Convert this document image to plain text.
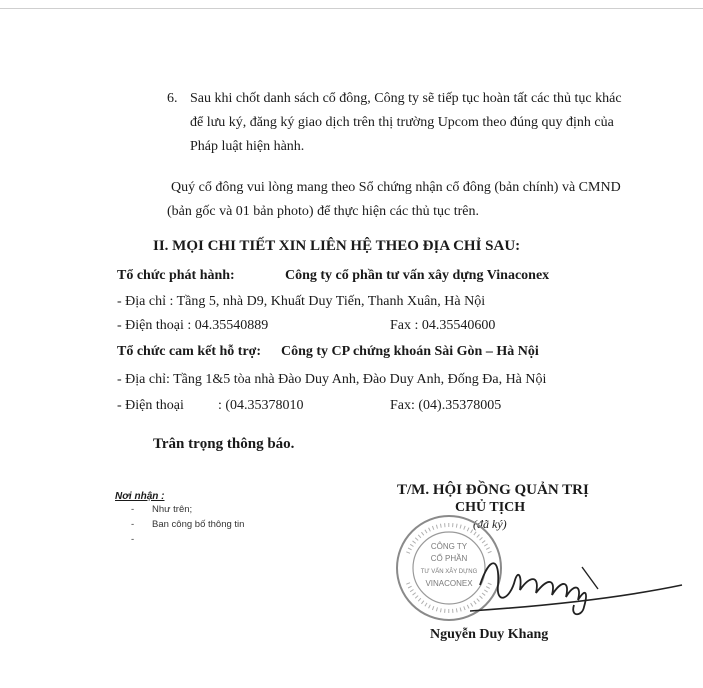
6. Sau khi chốt danh sách cổ đông, Công ty sẽ tiếp tục hoàn tất các thủ tục khác
để lưu ký, đăng ký giao dịch trên thị trường Upcom theo đúng quy định của
Pháp luật hiện hành.
Quý cổ đông vui lòng mang theo Sổ chứng nhận cổ đông (bản chính) và CMND
(bản gốc và 01 bản photo) để thực hiện các thủ tục trên.
II. MỌI CHI TIẾT XIN LIÊN HỆ THEO ĐỊA CHỈ SAU:
Tổ chức phát hành:	Công ty cổ phần tư vấn xây dựng Vinaconex
- Địa chỉ : Tầng 5, nhà D9, Khuất Duy Tiến, Thanh Xuân, Hà Nội
- Điện thoại : 04.35540889	Fax : 04.35540600
Tổ chức cam kết hỗ trợ: Công ty CP chứng khoán Sài Gòn – Hà Nội
- Địa chỉ: Tầng 1&5 tòa nhà Đào Duy Anh, Đào Duy Anh, Đống Đa, Hà Nội
- Điện thoại : (04.35378010	Fax: (04).35378005
Trân trọng thông báo.
Nơi nhận :
- Như trên;
- Ban công bố thông tin
-
T/M. HỘI ĐỒNG QUẢN TRỊ
CHỦ TỊCH
(đã ký)
CÔNG TY
CỔ PHẦN
TƯ VẤN XÂY DỰNG
VINACONEX
Nguyễn Duy Khang
